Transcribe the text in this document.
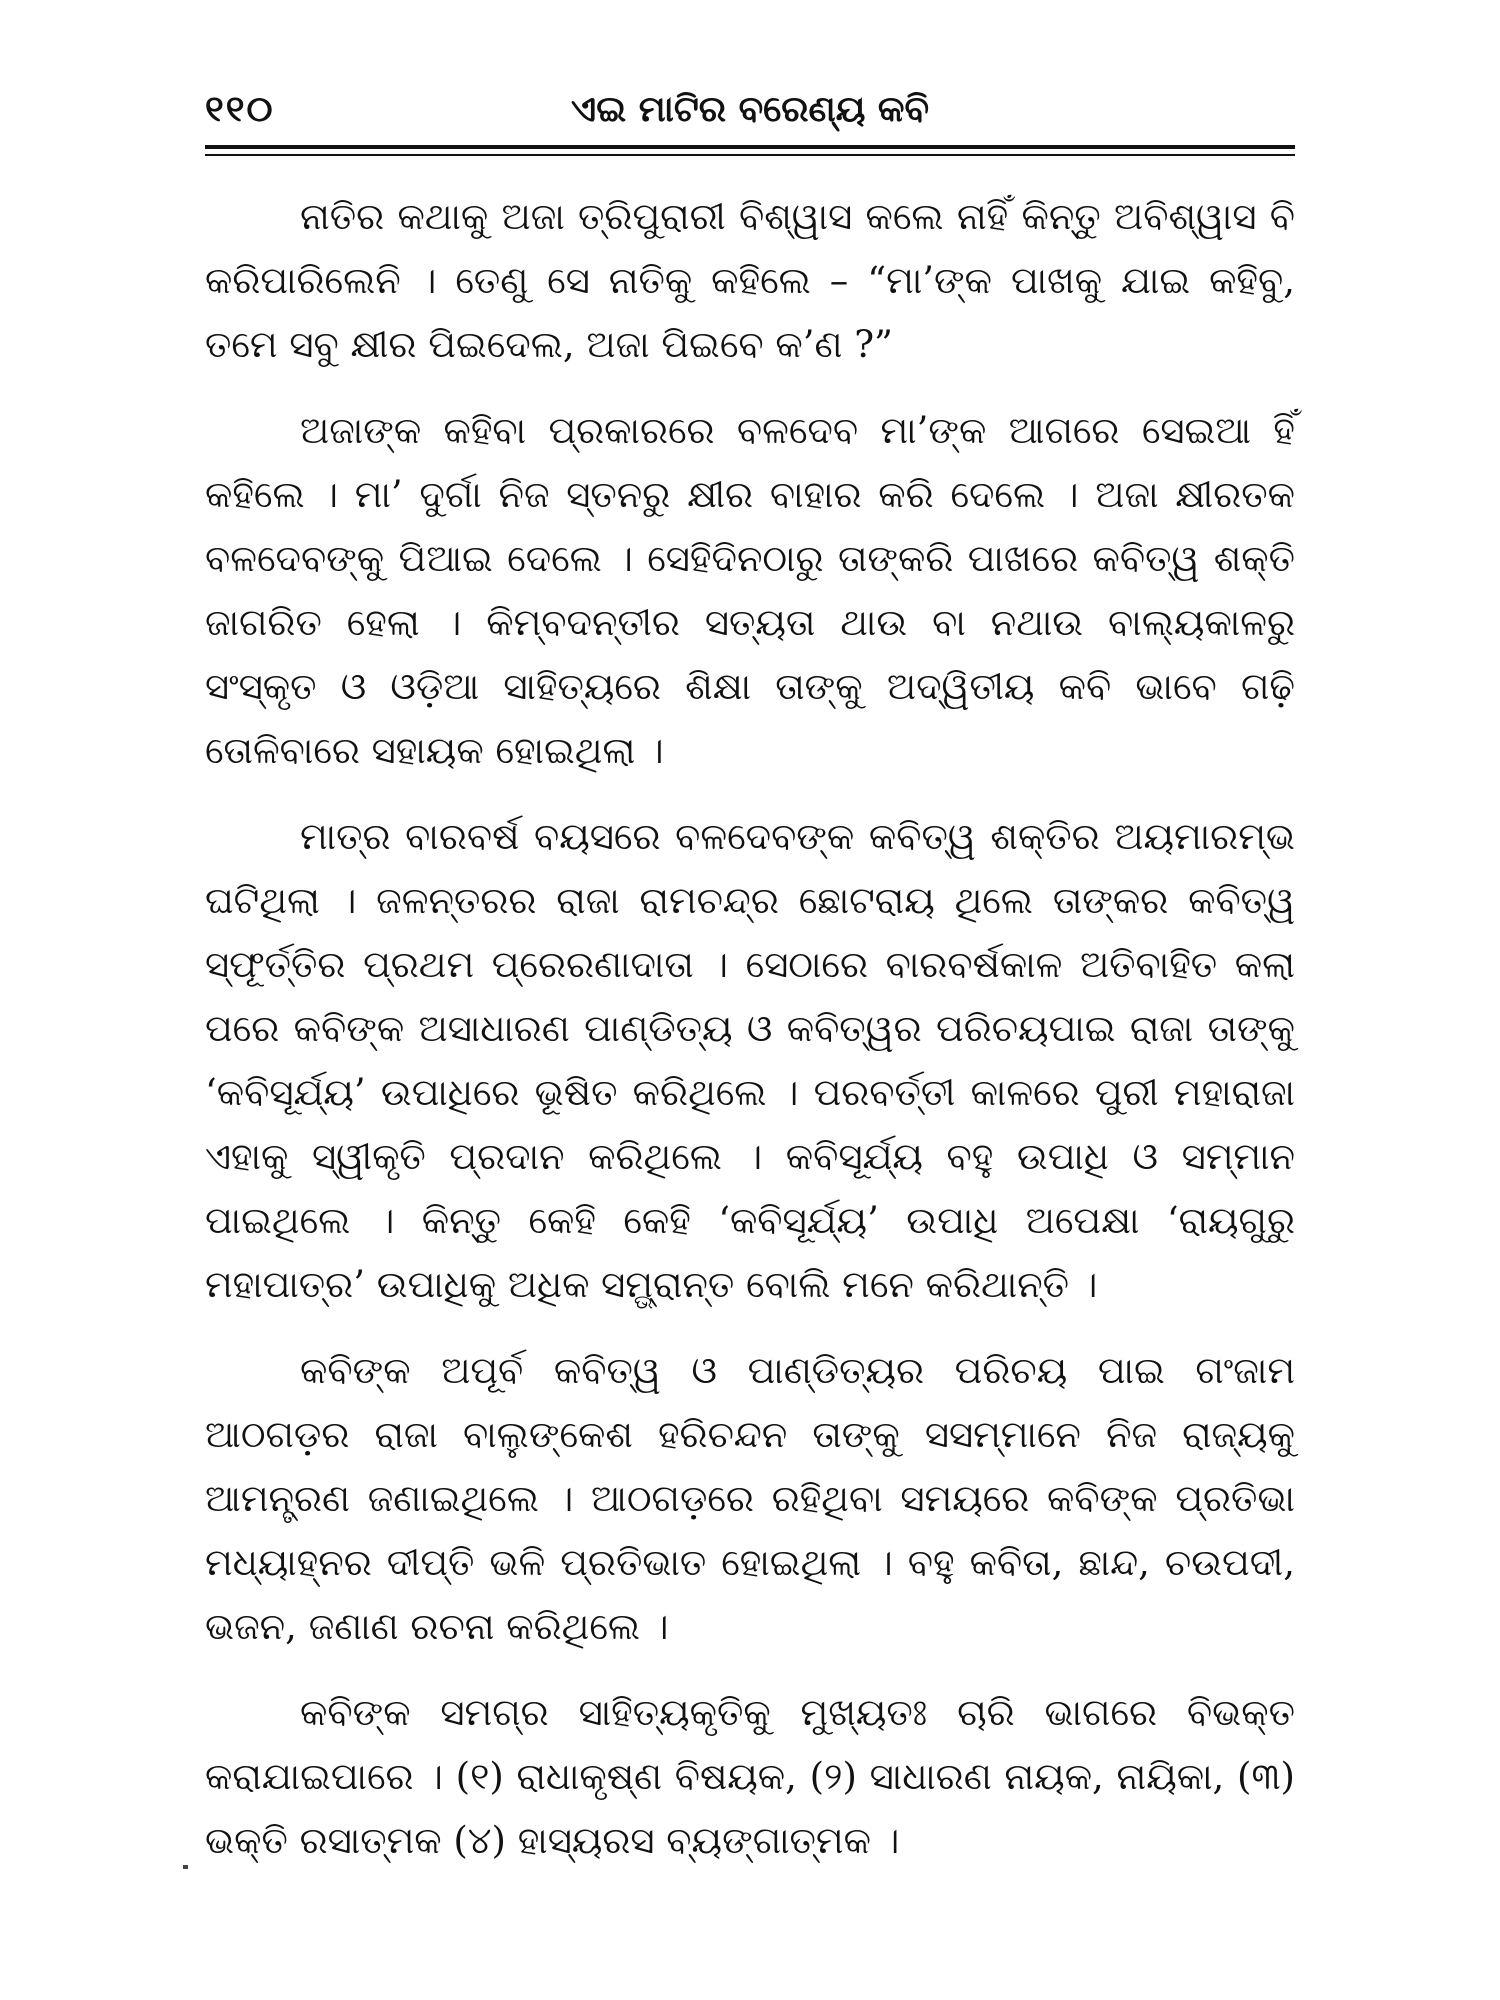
ଏଇ ମାଟିର ବରେଣ୍ୟ କବି
୧୧୦

ନାତିର କଥାକୁ ଅଜା ତ୍ରିପୁରାରୀ ବିଶ୍ୱାସ କଲେ ନାହିଁ କିନ୍ତୁ ଅବିଶ୍ୱାସ ବି କରିପାରିଲେନି । ତେଣୁ ସେ ନାତିକୁ କହିଲେ – “ମା’ଙ୍କ ପାଖକୁ ଯାଇ କହିବୁ, ତମେ ସବୁ କ୍ଷୀର ପିଇଦେଲ, ଅଜା ପିଇବେ କ’ଣ ?”

ଅଜାଙ୍କ କହିବା ପ୍ରକାରରେ ବଳଦେବ ମା’ଙ୍କ ଆଗରେ ସେଇଆ ହିଁ କହିଲେ । ମା’ ଦୁର୍ଗା ନିଜ ସ୍ତନରୁ କ୍ଷୀର ବାହାର କରି ଦେଲେ । ଅଜା କ୍ଷୀରତକ ବଳଦେବଙ୍କୁ ପିଆଇ ଦେଲେ । ସେହିଦିନଠାରୁ ତାଙ୍କରି ପାଖରେ କବିତ୍ୱ ଶକ୍ତି ଜାଗରିତ ହେଲା । କିମ୍ବଦନ୍ତୀର ସତ୍ୟତା ଥାଉ ବା ନଥାଉ ବାଲ୍ୟକାଳରୁ ସଂସ୍କୃତ ଓ ଓଡ଼ିଆ ସାହିତ୍ୟରେ ଶିକ୍ଷା ତାଙ୍କୁ ଅଦ୍ୱିତୀୟ କବି ଭାବେ ଗଢ଼ି ତୋଳିବାରେ ସହାୟକ ହୋଇଥିଲା ।

ମାତ୍ର ବାରବର୍ଷ ବୟସରେ ବଳଦେବଙ୍କ କବିତ୍ୱ ଶକ୍ତିର ଅୟମାରମ୍ଭ ଘଟିଥିଲା । ଜଳନ୍ତରର ରାଜା ରାମଚନ୍ଦ୍ର ଛୋଟରାୟ ଥିଲେ ତାଙ୍କର କବିତ୍ୱ ସ୍ଫୂର୍ତ୍ତିର ପ୍ରଥମ ପ୍ରେରଣାଦାତା । ସେଠାରେ ବାରବର୍ଷକାଳ ଅତିବାହିତ କଲା ପରେ କବିଙ୍କ ଅସାଧାରଣ ପାଣ୍ଡିତ୍ୟ ଓ କବିତ୍ୱର ପରିଚୟପାଇ ରାଜା ତାଙ୍କୁ ‘କବିସୂର୍ଯ୍ୟ’ ଉପାଧିରେ ଭୂଷିତ କରିଥିଲେ । ପରବର୍ତ୍ତୀ କାଳରେ ପୁରୀ ମହାରାଜା ଏହାକୁ ସ୍ୱୀକୃତି ପ୍ରଦାନ କରିଥିଲେ । କବିସୂର୍ଯ୍ୟ ବହୁ ଉପାଧି ଓ ସମ୍ମାନ ପାଇଥିଲେ । କିନ୍ତୁ କେହି କେହି ‘କବିସୂର୍ଯ୍ୟ’ ଉପାଧି ଅପେକ୍ଷା ‘ରାୟଗୁରୁ ମହାପାତ୍ର’ ଉପାଧିକୁ ଅଧିକ ସମ୍ଭ୍ରାନ୍ତ ବୋଲି ମନେ କରିଥାନ୍ତି ।

କବିଙ୍କ ଅପୂର୍ବ କବିତ୍ୱ ଓ ପାଣ୍ଡିତ୍ୟର ପରିଚୟ ପାଇ ଗଂଜାମ ଆଠଗଡ଼ର ରାଜା ବାଲୁଙ୍କେଶ ହରିଚନ୍ଦନ ତାଙ୍କୁ ସସମ୍ମାନେ ନିଜ ରାଜ୍ୟକୁ ଆମନ୍ତ୍ରଣ ଜଣାଇଥିଲେ । ଆଠଗଡ଼ରେ ରହିଥିବା ସମୟରେ କବିଙ୍କ ପ୍ରତିଭା ମଧ୍ୟାହ୍ନର ଦୀପ୍ତି ଭଳି ପ୍ରତିଭାତ ହୋଇଥିଲା । ବହୁ କବିତା, ଛାନ୍ଦ, ଚଉପଦୀ, ଭଜନ, ଜଣାଣ ରଚନା କରିଥିଲେ ।

କବିଙ୍କ ସମଗ୍ର ସାହିତ୍ୟକୃତିକୁ ମୁଖ୍ୟତଃ ଚାରି ଭାଗରେ ବିଭକ୍ତ କରାଯାଇପାରେ । (୧) ରାଧାକୃଷ୍ଣ ବିଷୟକ, (୨) ସାଧାରଣ ନାୟକ, ନାୟିକା, (୩) ଭକ୍ତି ରସାତ୍ମକ (୪) ହାସ୍ୟରସ ବ୍ୟଙ୍ଗାତ୍ମକ ।
